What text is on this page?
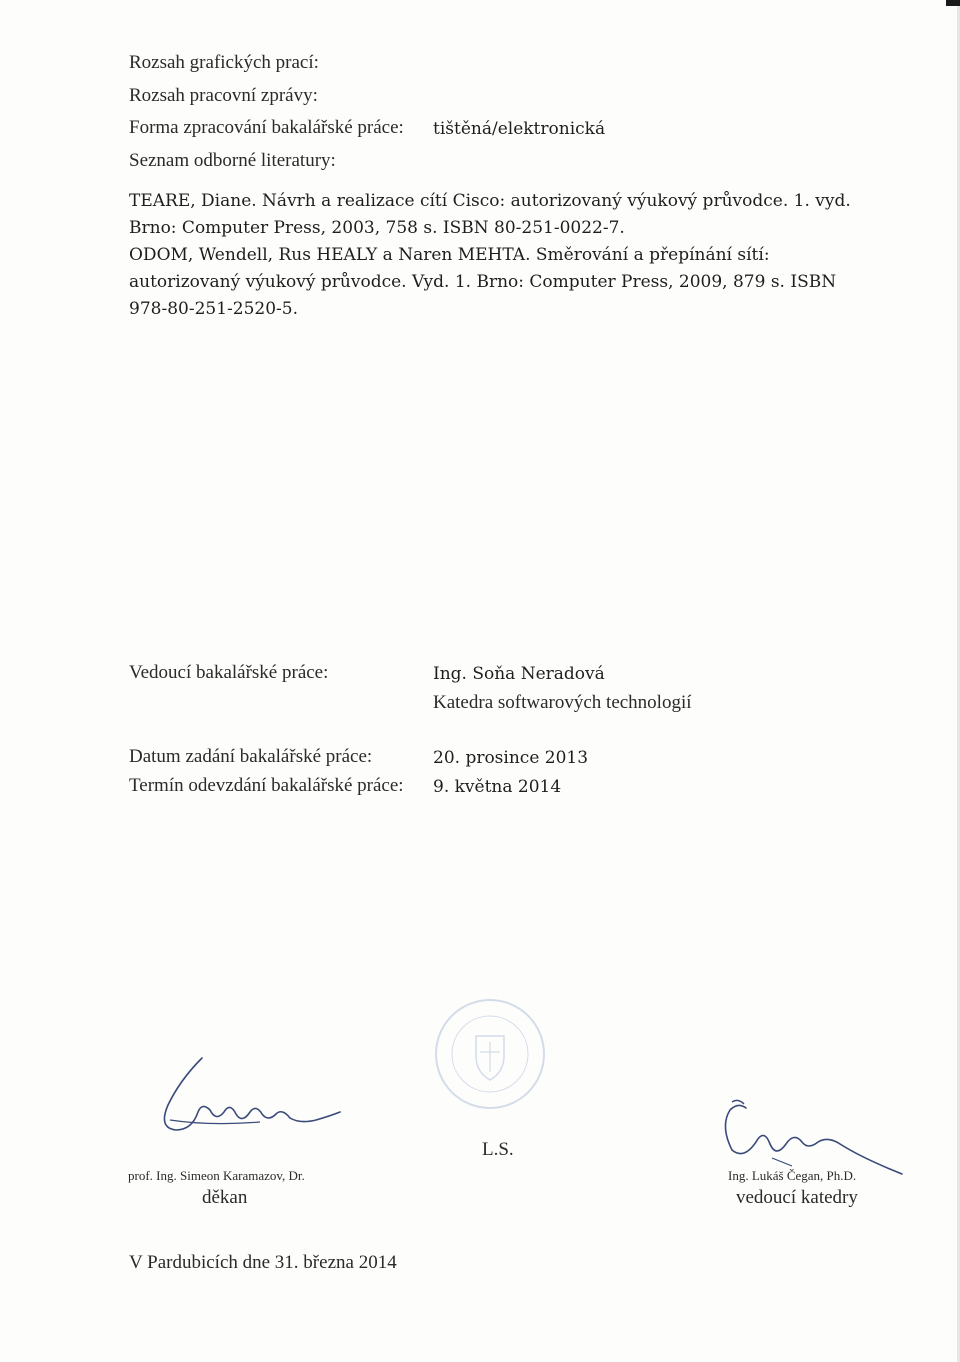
Rozsah grafických prací:
Rozsah pracovní zprávy:
Forma zpracování bakalářské práce: tištěná/elektronická
Seznam odborné literatury:

TEARE, Diane. Návrh a realizace cítí Cisco: autorizovaný výukový průvodce. 1. vyd. Brno: Computer Press, 2003, 758 s. ISBN 80-251-0022-7.

ODOM, Wendell, Rus HEALY a Naren MEHTA. Směrování a přepínání sítí: autorizovaný výukový průvodce. Vyd. 1. Brno: Computer Press, 2009, 879 s. ISBN 978-80-251-2520-5.

Vedoucí bakalářské práce:	Ing. Soňa Neradová
Katedra softwarových technologií
Datum zadání bakalářské práce:	20. prosince 2013
Termín odevzdání bakalářské práce: 9. května 2014
prof. Ing. Simeon Karamazov, Dr.
děkan
L.S.
Ing. Lukáš Čegan, Ph.D.
vedoucí katedry
V Pardubicích dne 31. března 2014
